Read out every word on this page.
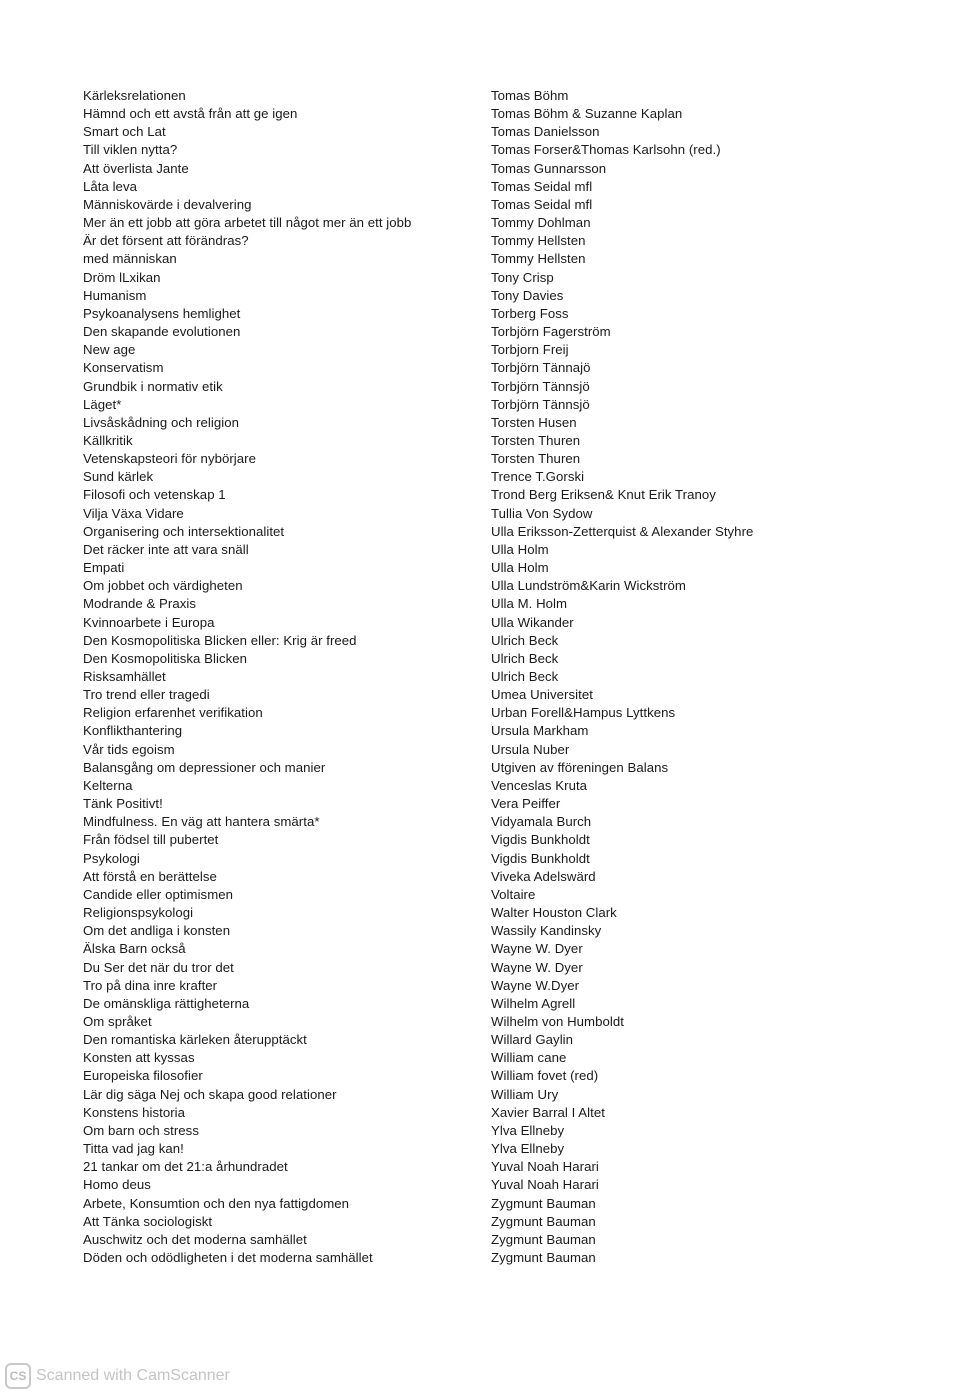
Kärleksrelationen
Hämnd och ett avstå från att ge igen
Smart och Lat
Till viklen nytta?
Att överlista Jante
Låta leva
Människovärde i devalvering
Mer än ett jobb att göra arbetet till något mer än ett jobb
Är det försent att förändras?
med människan
Dröm lLxikan
Humanism
Psykoanalysens hemlighet
Den skapande evolutionen
New age
Konservatism
Grundbik i normativ etik
Läget*
Livsåskådning och religion
Källkritik
Vetenskapsteori för nybörjare
Sund kärlek
Filosofi och vetenskap 1
Vilja Växa Vidare
Organisering och intersektionalitet
Det räcker inte att vara snäll
Empati
Om jobbet och värdigheten
Modrande & Praxis
Kvinnoarbete i Europa
Den Kosmopolitiska Blicken eller: Krig är freed
Den Kosmopolitiska Blicken
Risksamhället
Tro trend eller tragedi
Religion erfarenhet verifikation
Konflikthantering
Vår tids egoism
Balansgång om depressioner och manier
Kelterna
Tänk Positivt!
Mindfulness. En väg att hantera smärta*
Från födsel till pubertet
Psykologi
Att förstå en berättelse
Candide eller optimismen
Religionspsykologi
Om det andliga i konsten
Älska Barn också
Du Ser det när du tror det
Tro på dina inre krafter
De omänskliga rättigheterna
Om språket
Den romantiska kärleken återupptäckt
Konsten att kyssas
Europeiska filosofier
Lär dig säga Nej och skapa good relationer
Konstens historia
Om barn och stress
Titta vad jag kan!
21 tankar om det 21:a århundradet
Homo deus
Arbete, Konsumtion och den nya fattigdomen
Att Tänka sociologiskt
Auschwitz och det moderna samhället
Döden och odödligheten i det moderna samhället
Tomas Böhm
Tomas Böhm & Suzanne Kaplan
Tomas Danielsson
Tomas Forser&Thomas Karlsohn (red.)
Tomas Gunnarsson
Tomas Seidal mfl
Tomas Seidal mfl
Tommy Dohlman
Tommy Hellsten
Tommy Hellsten
Tony Crisp
Tony Davies
Torberg Foss
Torbjörn Fagerström
Torbjorn Freij
Torbjörn Tännajö
Torbjörn Tännsjö
Torbjörn Tännsjö
Torsten Husen
Torsten Thuren
Torsten Thuren
Trence T.Gorski
Trond Berg Eriksen& Knut Erik Tranoy
Tullia Von Sydow
Ulla Eriksson-Zetterquist & Alexander Styhre
Ulla Holm
Ulla Holm
Ulla Lundström&Karin Wickström
Ulla M. Holm
Ulla Wikander
Ulrich Beck
Ulrich Beck
Ulrich Beck
Umea Universitet
Urban Forell&Hampus Lyttkens
Ursula Markham
Ursula Nuber
Utgiven av fföreningen Balans
Venceslas Kruta
Vera Peiffer
Vidyamala Burch
Vigdis Bunkholdt
Vigdis Bunkholdt
Viveka Adelswärd
Voltaire
Walter Houston Clark
Wassily Kandinsky
Wayne W. Dyer
Wayne W. Dyer
Wayne W.Dyer
Wilhelm Agrell
Wilhelm von Humboldt
Willard Gaylin
William cane
William fovet (red)
William Ury
Xavier Barral I Altet
Ylva Ellneby
Ylva Ellneby
Yuval Noah Harari
Yuval Noah Harari
Zygmunt Bauman
Zygmunt Bauman
Zygmunt Bauman
Zygmunt Bauman
CS Scanned with CamScanner
